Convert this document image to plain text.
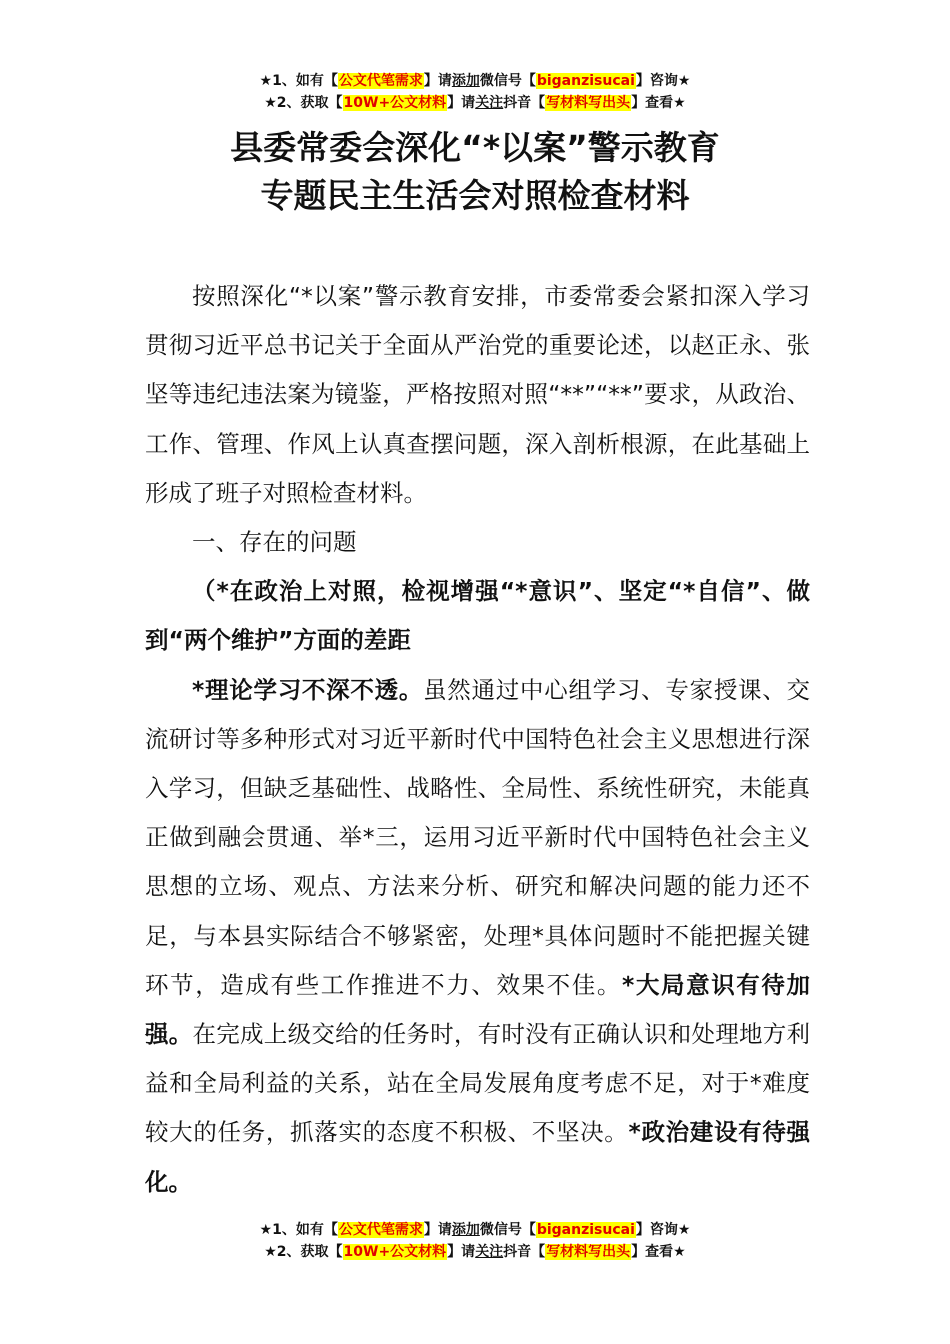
★1、如有【公文代笔需求】请添加微信号【biganzisucai】咨询★
★2、获取【10W+公文材料】请关注抖音【写材料写出头】查看★
县委常委会深化“*以案”警示教育
专题民主生活会对照检查材料

按照深化“*以案”警示教育安排，市委常委会紧扣深入学习贯彻习近平总书记关于全面从严治党的重要论述，以赵正永、张坚等违纪违法案为镜鉴，严格按照对照“**”“**”要求，从政治、工作、管理、作风上认真查摆问题，深入剖析根源，在此基础上形成了班子对照检查材料。

一、存在的问题

（*在政治上对照，检视增强“*意识”、坚定“*自信”、做到“两个维护”方面的差距

*理论学习不深不透。虽然通过中心组学习、专家授课、交流研讨等多种形式对习近平新时代中国特色社会主义思想进行深入学习，但缺乏基础性、战略性、全局性、系统性研究，未能真正做到融会贯通、举*三，运用习近平新时代中国特色社会主义思想的立场、观点、方法来分析、研究和解决问题的能力还不足，与本县实际结合不够紧密，处理*具体问题时不能把握关键环节，造成有些工作推进不力、效果不佳。*大局意识有待加强。在完成上级交给的任务时，有时没有正确认识和处理地方利益和全局利益的关系，站在全局发展角度考虑不足，对于*难度较大的任务，抓落实的态度不积极、不坚决。*政治建设有待强化。

★1、如有【公文代笔需求】请添加微信号【biganzisucai】咨询★
★2、获取【10W+公文材料】请关注抖音【写材料写出头】查看★
